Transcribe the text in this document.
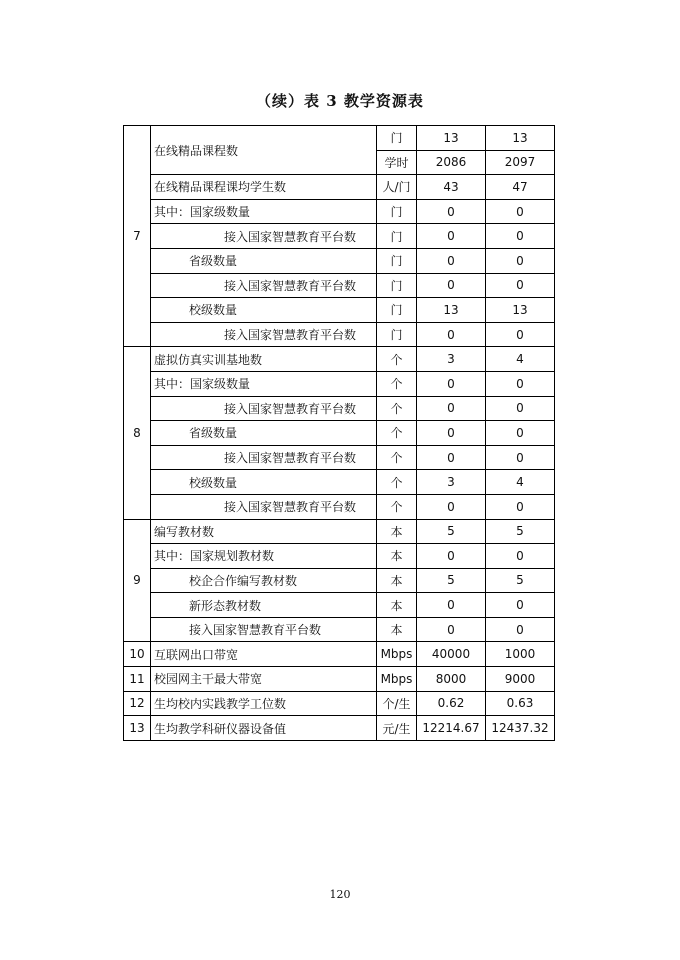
（续）表 3 教学资源表
7	在线精品课程数	门	13	13
		学时	2086	2097
	在线精品课程课均学生数	人/门	43	47
	其中：国家级数量	门	0	0
	接入国家智慧教育平台数	门	0	0
	省级数量	门	0	0
	接入国家智慧教育平台数	门	0	0
	校级数量	门	13	13
	接入国家智慧教育平台数	门	0	0
8	虚拟仿真实训基地数	个	3	4
	其中：国家级数量	个	0	0
	接入国家智慧教育平台数	个	0	0
	省级数量	个	0	0
	接入国家智慧教育平台数	个	0	0
	校级数量	个	3	4
	接入国家智慧教育平台数	个	0	0
9	编写教材数	本	5	5
	其中：国家规划教材数	本	0	0
	校企合作编写教材数	本	5	5
	新形态教材数	本	0	0
	接入国家智慧教育平台数	本	0	0
10	互联网出口带宽	Mbps	40000	1000
11	校园网主干最大带宽	Mbps	8000	9000
12	生均校内实践教学工位数	个/生	0.62	0.63
13	生均教学科研仪器设备值	元/生	12214.67	12437.32
120
